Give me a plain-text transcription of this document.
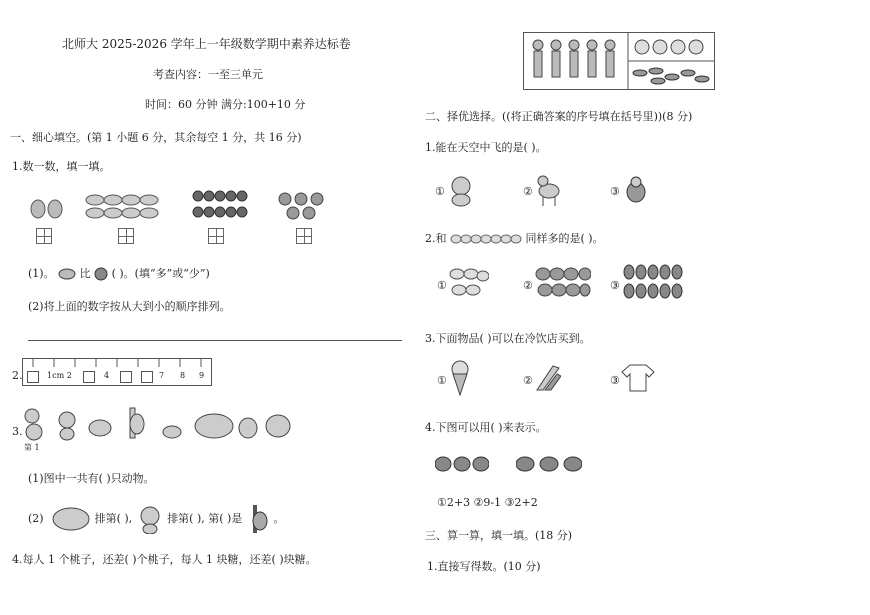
北师大 2025-2026 学年上一年级数学期中素养达标卷
考查内容：一至三单元
时间：60 分钟 满分:100+10 分
一、细心填空。(第 1 小题 6 分，其余每空 1 分，共 16 分)
1.数一数，填一填。
(1)。 比 ( )。(填“多”或“少”)
(2)将上面的数字按从大到小的顺序排列。
2.	1cm 2	4	7 8 9
3.
第 1
(1)图中一共有( )只动物。
(2)	排第( ),	排第( ), 第( )是	。
4.每人 1 个桃子，还差( )个桃子，每人 1 块糖，还差( )块糖。
二、择优选择。((将正确答案的序号填在括号里))(8 分)
1.能在天空中飞的是( )。
①	②	③
2.和	同样多的是( )。
①	②	③
3.下面物品( )可以在冷饮店买到。
①	②	③
4.下图可以用( )来表示。
①2+3 ②9-1 ③2+2
三、算一算，填一填。(18 分)
1.直接写得数。(10 分)
